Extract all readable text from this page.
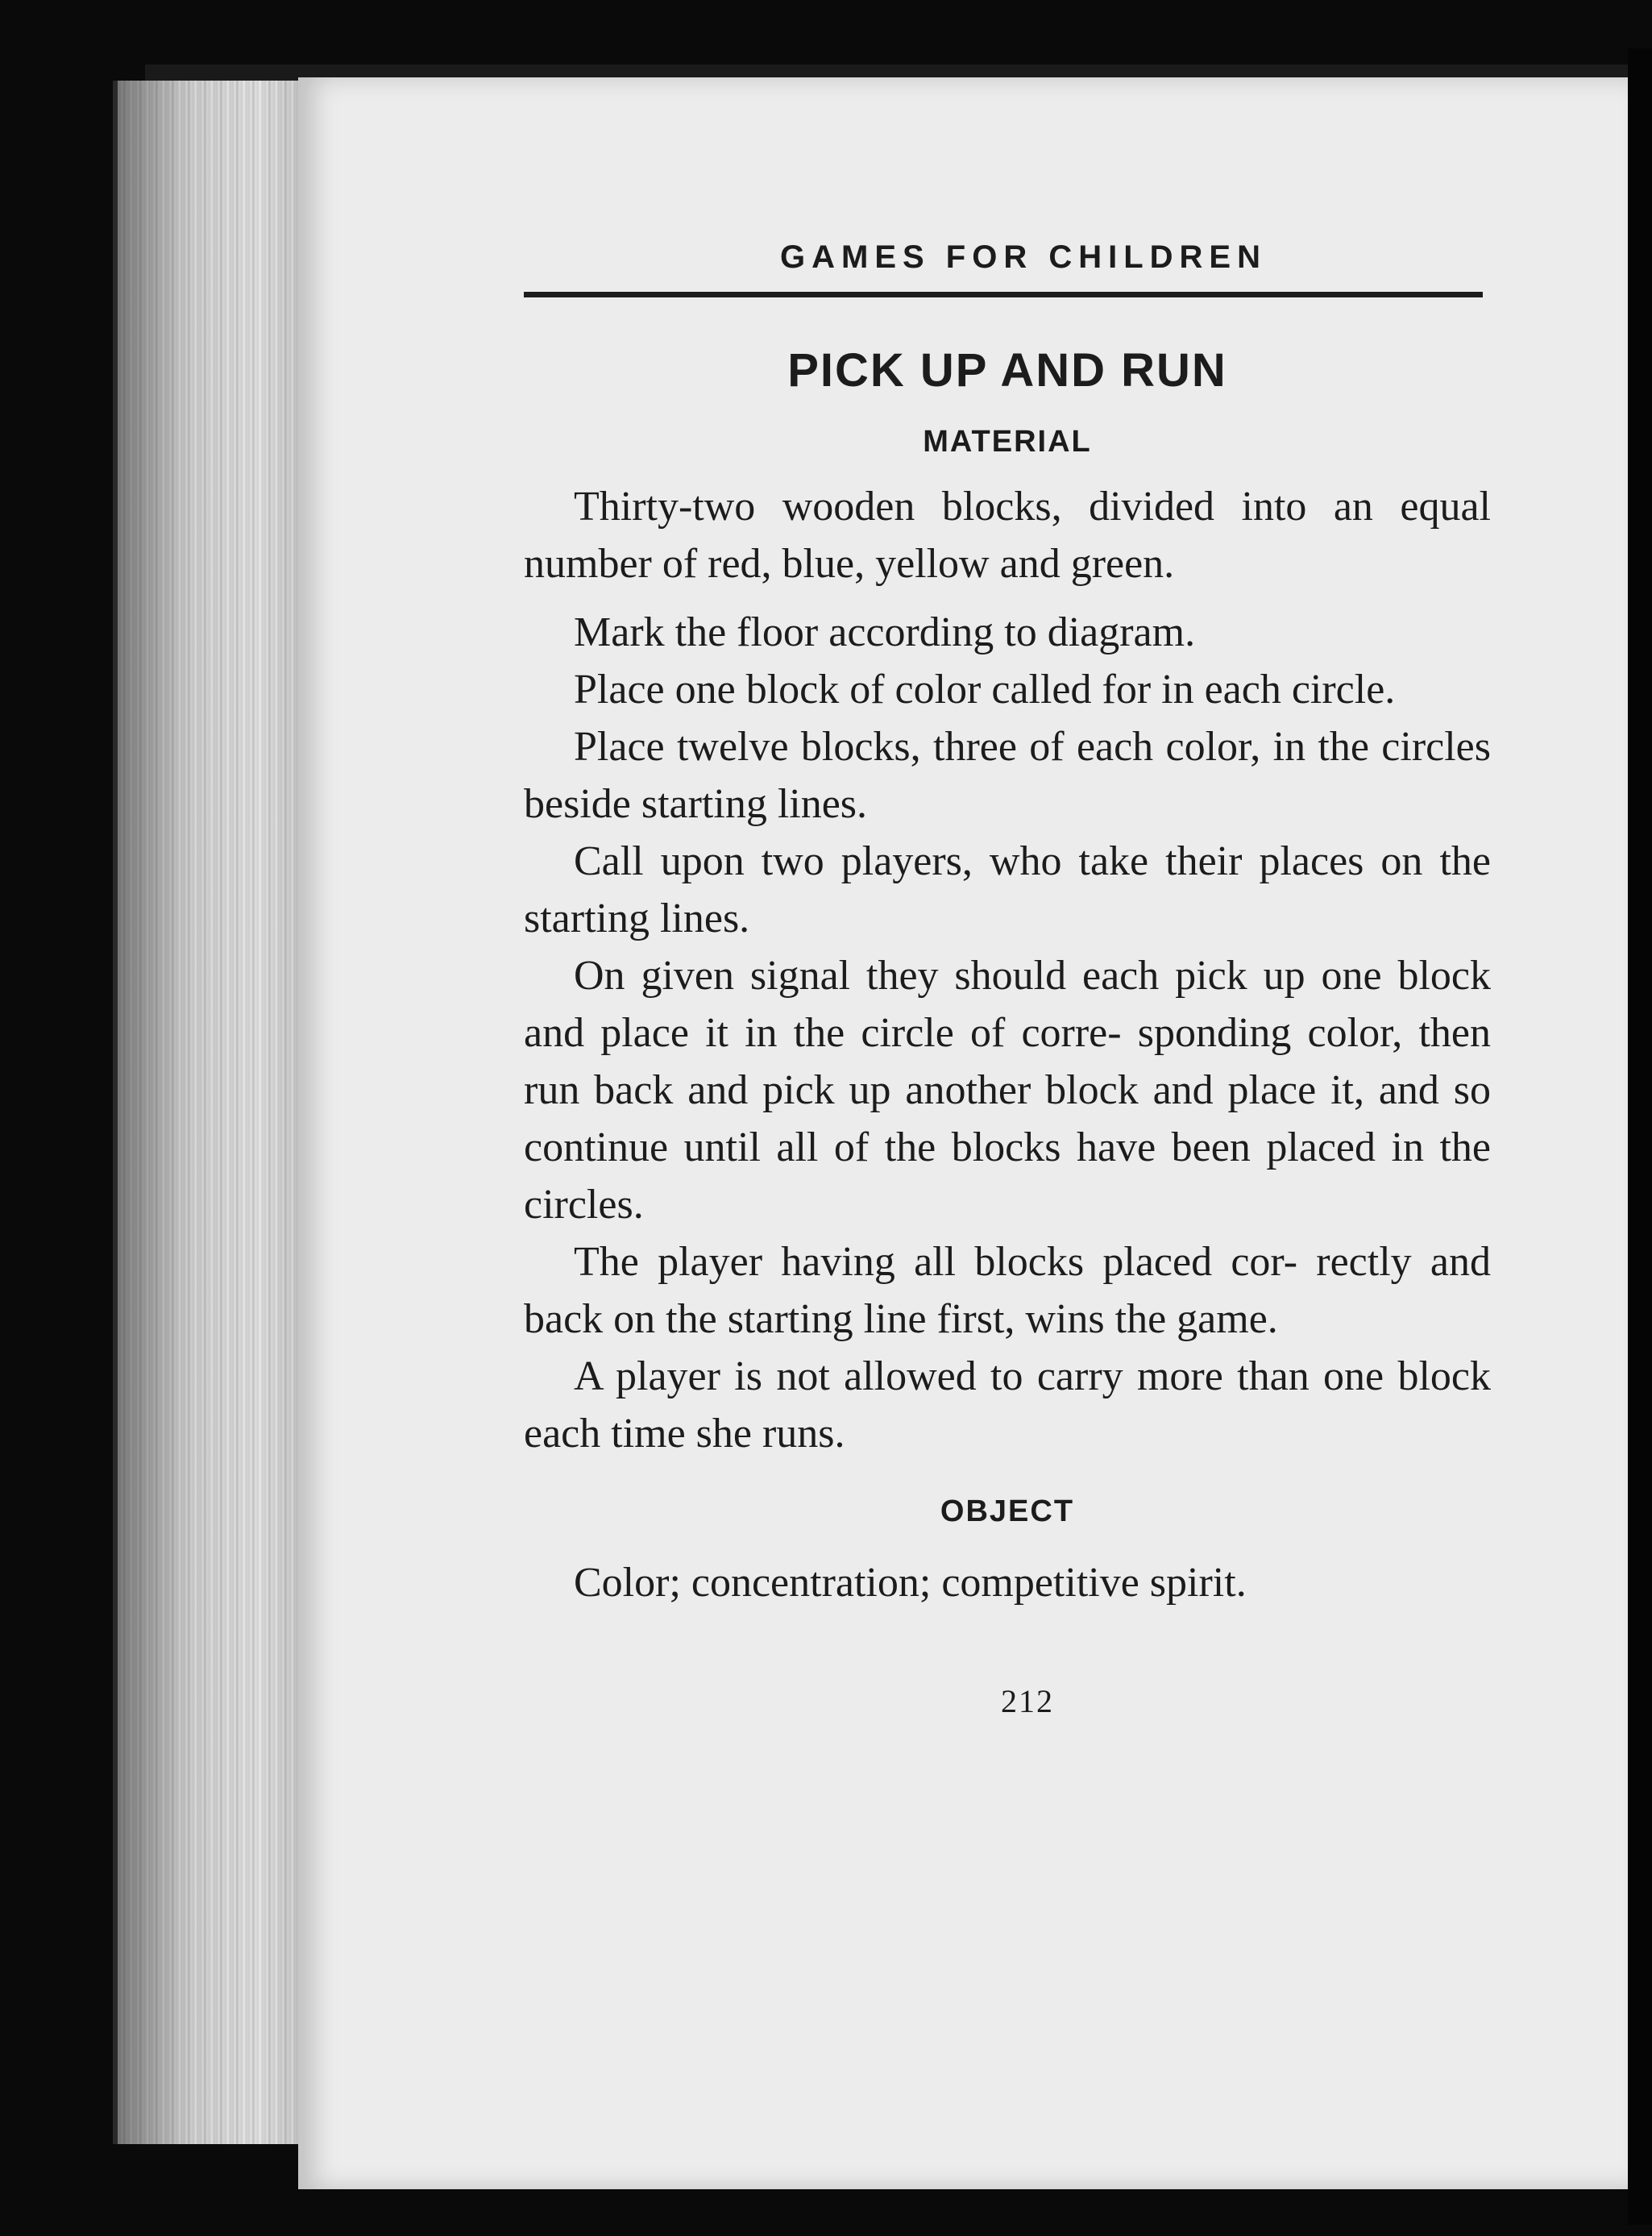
GAMES FOR CHILDREN
PICK UP AND RUN
MATERIAL

Thirty-two wooden blocks, divided into an equal number of red, blue, yellow and green.

Mark the floor according to diagram.

Place one block of color called for in each circle.

Place twelve blocks, three of each color, in the circles beside starting lines.

Call upon two players, who take their places on the starting lines.

On given signal they should each pick up one block and place it in the circle of corre- sponding color, then run back and pick up another block and place it, and so continue until all of the blocks have been placed in the circles.

The player having all blocks placed cor- rectly and back on the starting line first, wins the game.

A player is not allowed to carry more than one block each time she runs.

OBJECT

Color; concentration; competitive spirit.

212
